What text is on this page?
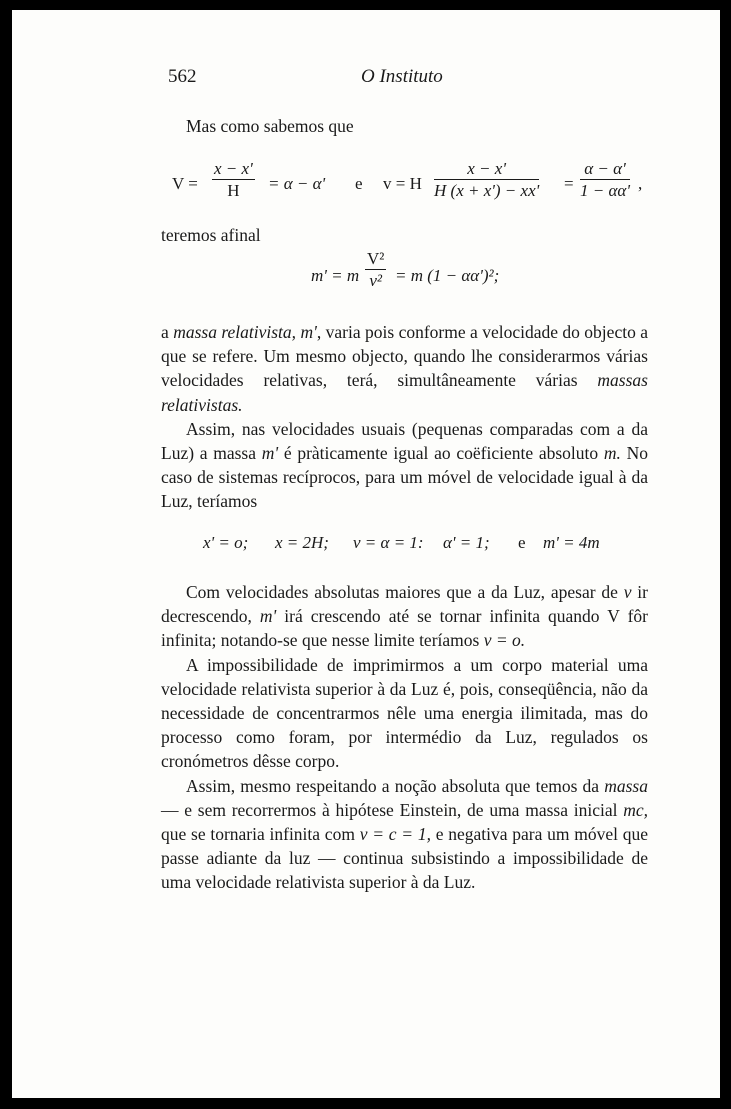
562	O Instituto

Mas como sabemos que

$V = \frac{x - x'}{H} = \alpha - \alpha'$ e v = H $\frac{x - x'}{H (x + x') - xx'} = \frac{\alpha - \alpha'}{1 - \alpha\alpha'}$ ,

teremos afinal

m' = m $\frac{\text{V²}}{\text{v²}} = m$ (1 − αα')²;

a massa relativista, m', varia pois conforme a velocidade do objecto a que se refere. Um mesmo objecto, quando lhe considerarmos várias velocidades relativas, terá, simultâneamente várias massas relativistas.

Assim, nas velocidades usuais (pequenas comparadas com a da Luz) a massa m' é pràticamente igual ao coëficiente absoluto m. No caso de sistemas recíprocos, para um móvel de velocidade igual à da Luz, teríamos

x' = o; x = 2H; v = α = 1: α' = 1; e m' = 4m

Com velocidades absolutas maiores que a da Luz, apesar de v ir decrescendo, m' irá crescendo até se tornar infinita quando V fôr infinita; notando-se que nesse limite teríamos v = o.

A impossibilidade de imprimirmos a um corpo material uma velocidade relativista superior à da Luz é, pois, conseqüência, não da necessidade de concentrarmos nêle uma energia ilimitada, mas do processo como foram, por intermédio da Luz, regulados os cronómetros dêsse corpo.

Assim, mesmo respeitando a noção absoluta que temos da massa — e sem recorrermos à hipótese Einstein, de uma massa inicial mc, que se tornaria infinita com v = c = 1, e negativa para um móvel que passe adiante da luz — continua subsistindo a impossibilidade de uma velocidade relativista superior à da Luz.
